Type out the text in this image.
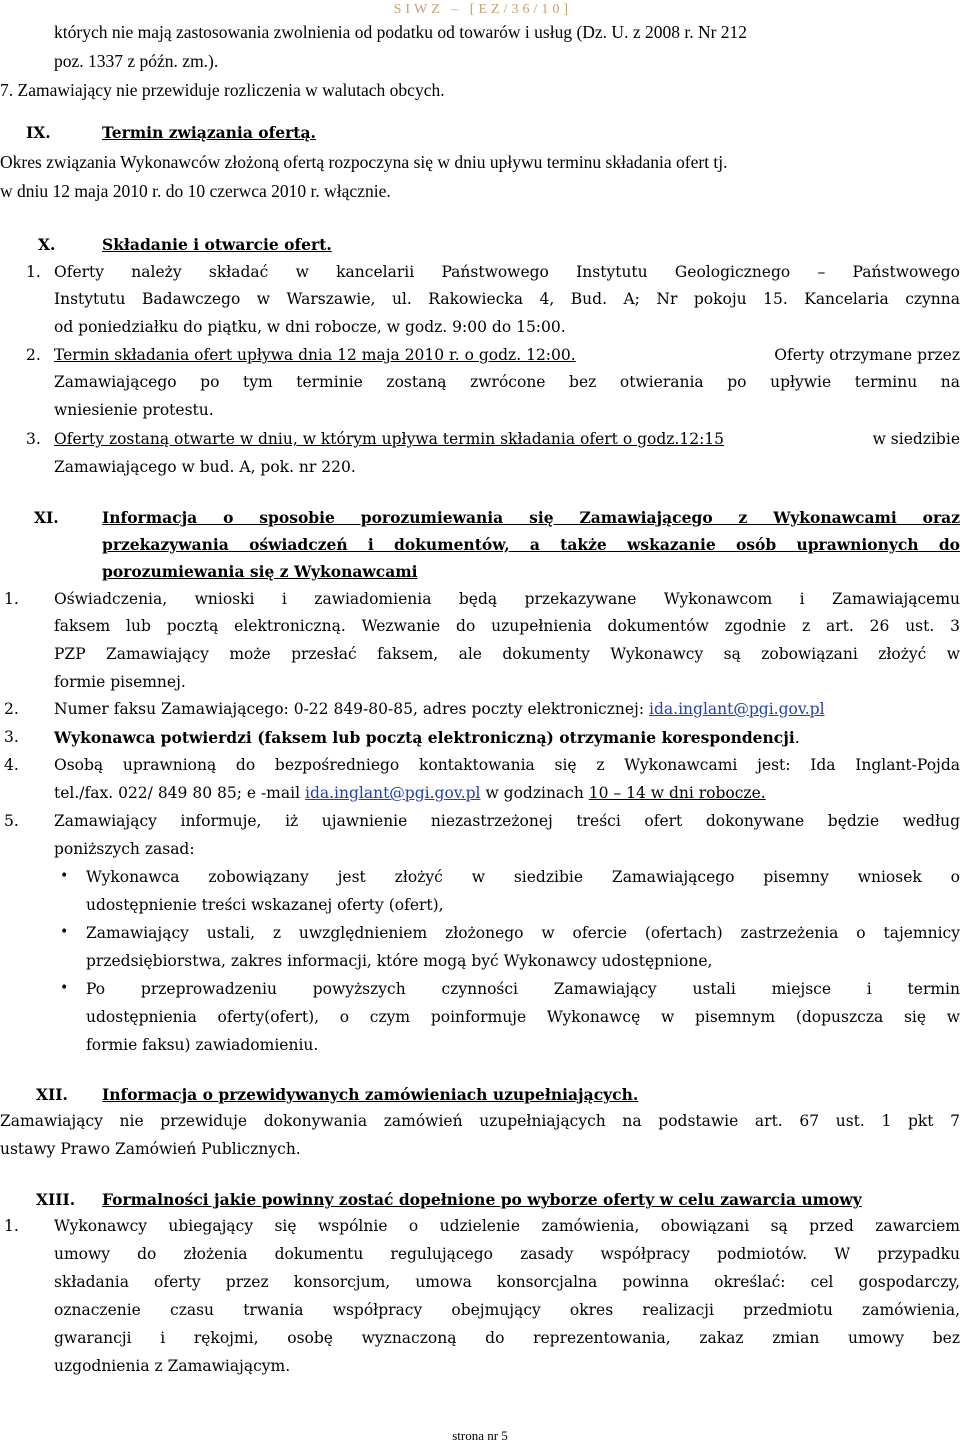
SIWZ – [EZ/36/10]
których nie mają zastosowania zwolnienia od podatku od towarów i usług (Dz. U. z 2008 r. Nr 212
poz. 1337 z późn. zm.).
7. Zamawiający nie przewiduje rozliczenia w walutach obcych.
IX.	Termin związania ofertą.
Okres związania Wykonawców złożoną ofertą rozpoczyna się w dniu upływu terminu składania ofert tj.
w dniu 12 maja 2010 r. do 10 czerwca 2010 r. włącznie.
X.	Składanie i otwarcie ofert.
1. Oferty należy składać w kancelarii Państwowego Instytutu Geologicznego – Państwowego
Instytutu Badawczego w Warszawie, ul. Rakowiecka 4, Bud. A; Nr pokoju 15. Kancelaria czynna
od poniedziałku do piątku, w dni robocze, w godz. 9:00 do 15:00.
2. Termin składania ofert upływa dnia 12 maja 2010 r. o godz. 12:00.	Oferty otrzymane przez
Zamawiającego po tym terminie zostaną zwrócone bez otwierania po upływie terminu na
wniesienie protestu.
3. Oferty zostaną otwarte w dniu, w którym upływa termin składania ofert o godz.12:15	w siedzibie
Zamawiającego w bud. A, pok. nr 220.
XI.	Informacja o sposobie porozumiewania się Zamawiającego z Wykonawcami oraz
przekazywania oświadczeń i dokumentów, a także wskazanie osób uprawnionych do
porozumiewania się z Wykonawcami
1. Oświadczenia, wnioski i zawiadomienia będą przekazywane Wykonawcom i Zamawiającemu
faksem lub pocztą elektroniczną. Wezwanie do uzupełnienia dokumentów zgodnie z art. 26 ust. 3
PZP Zamawiający może przesłać faksem, ale dokumenty Wykonawcy są zobowiązani złożyć w
formie pisemnej.
2. Numer faksu Zamawiającego: 0-22 849-80-85, adres poczty elektronicznej: ida.inglant@pgi.gov.pl
3. Wykonawca potwierdzi (faksem lub pocztą elektroniczną) otrzymanie korespondencji.
4. Osobą uprawnioną do bezpośredniego kontaktowania się z Wykonawcami jest: Ida Inglant-Pojda
tel./fax. 022/ 849 80 85; e -mail ida.inglant@pgi.gov.pl w godzinach 10 – 14 w dni robocze.
5. Zamawiający informuje, iż ujawnienie niezastrzeżonej treści ofert dokonywane będzie według
poniższych zasad:
• Wykonawca zobowiązany jest złożyć w siedzibie Zamawiającego pisemny wniosek o
udostępnienie treści wskazanej oferty (ofert),
• Zamawiający ustali, z uwzględnieniem złożonego w ofercie (ofertach) zastrzeżenia o tajemnicy
przedsiębiorstwa, zakres informacji, które mogą być Wykonawcy udostępnione,
• Po przeprowadzeniu powyższych czynności Zamawiający ustali miejsce i termin
udostępnienia oferty(ofert), o czym poinformuje Wykonawcę w pisemnym (dopuszcza się w
formie faksu) zawiadomieniu.
XII. Informacja o przewidywanych zamówieniach uzupełniających.
Zamawiający nie przewiduje dokonywania zamówień uzupełniających na podstawie art. 67 ust. 1 pkt 7
ustawy Prawo Zamówień Publicznych.
XIII. Formalności jakie powinny zostać dopełnione po wyborze oferty w celu zawarcia umowy
1. Wykonawcy ubiegający się wspólnie o udzielenie zamówienia, obowiązani są przed zawarciem
umowy do złożenia dokumentu regulującego zasady współpracy podmiotów. W przypadku
składania oferty przez konsorcjum, umowa konsorcjalna powinna określać: cel gospodarczy,
oznaczenie czasu trwania współpracy obejmujący okres realizacji przedmiotu zamówienia,
gwarancji i rękojmi, osobę wyznaczoną do reprezentowania, zakaz zmian umowy bez
uzgodnienia z Zamawiającym.
strona nr 5
